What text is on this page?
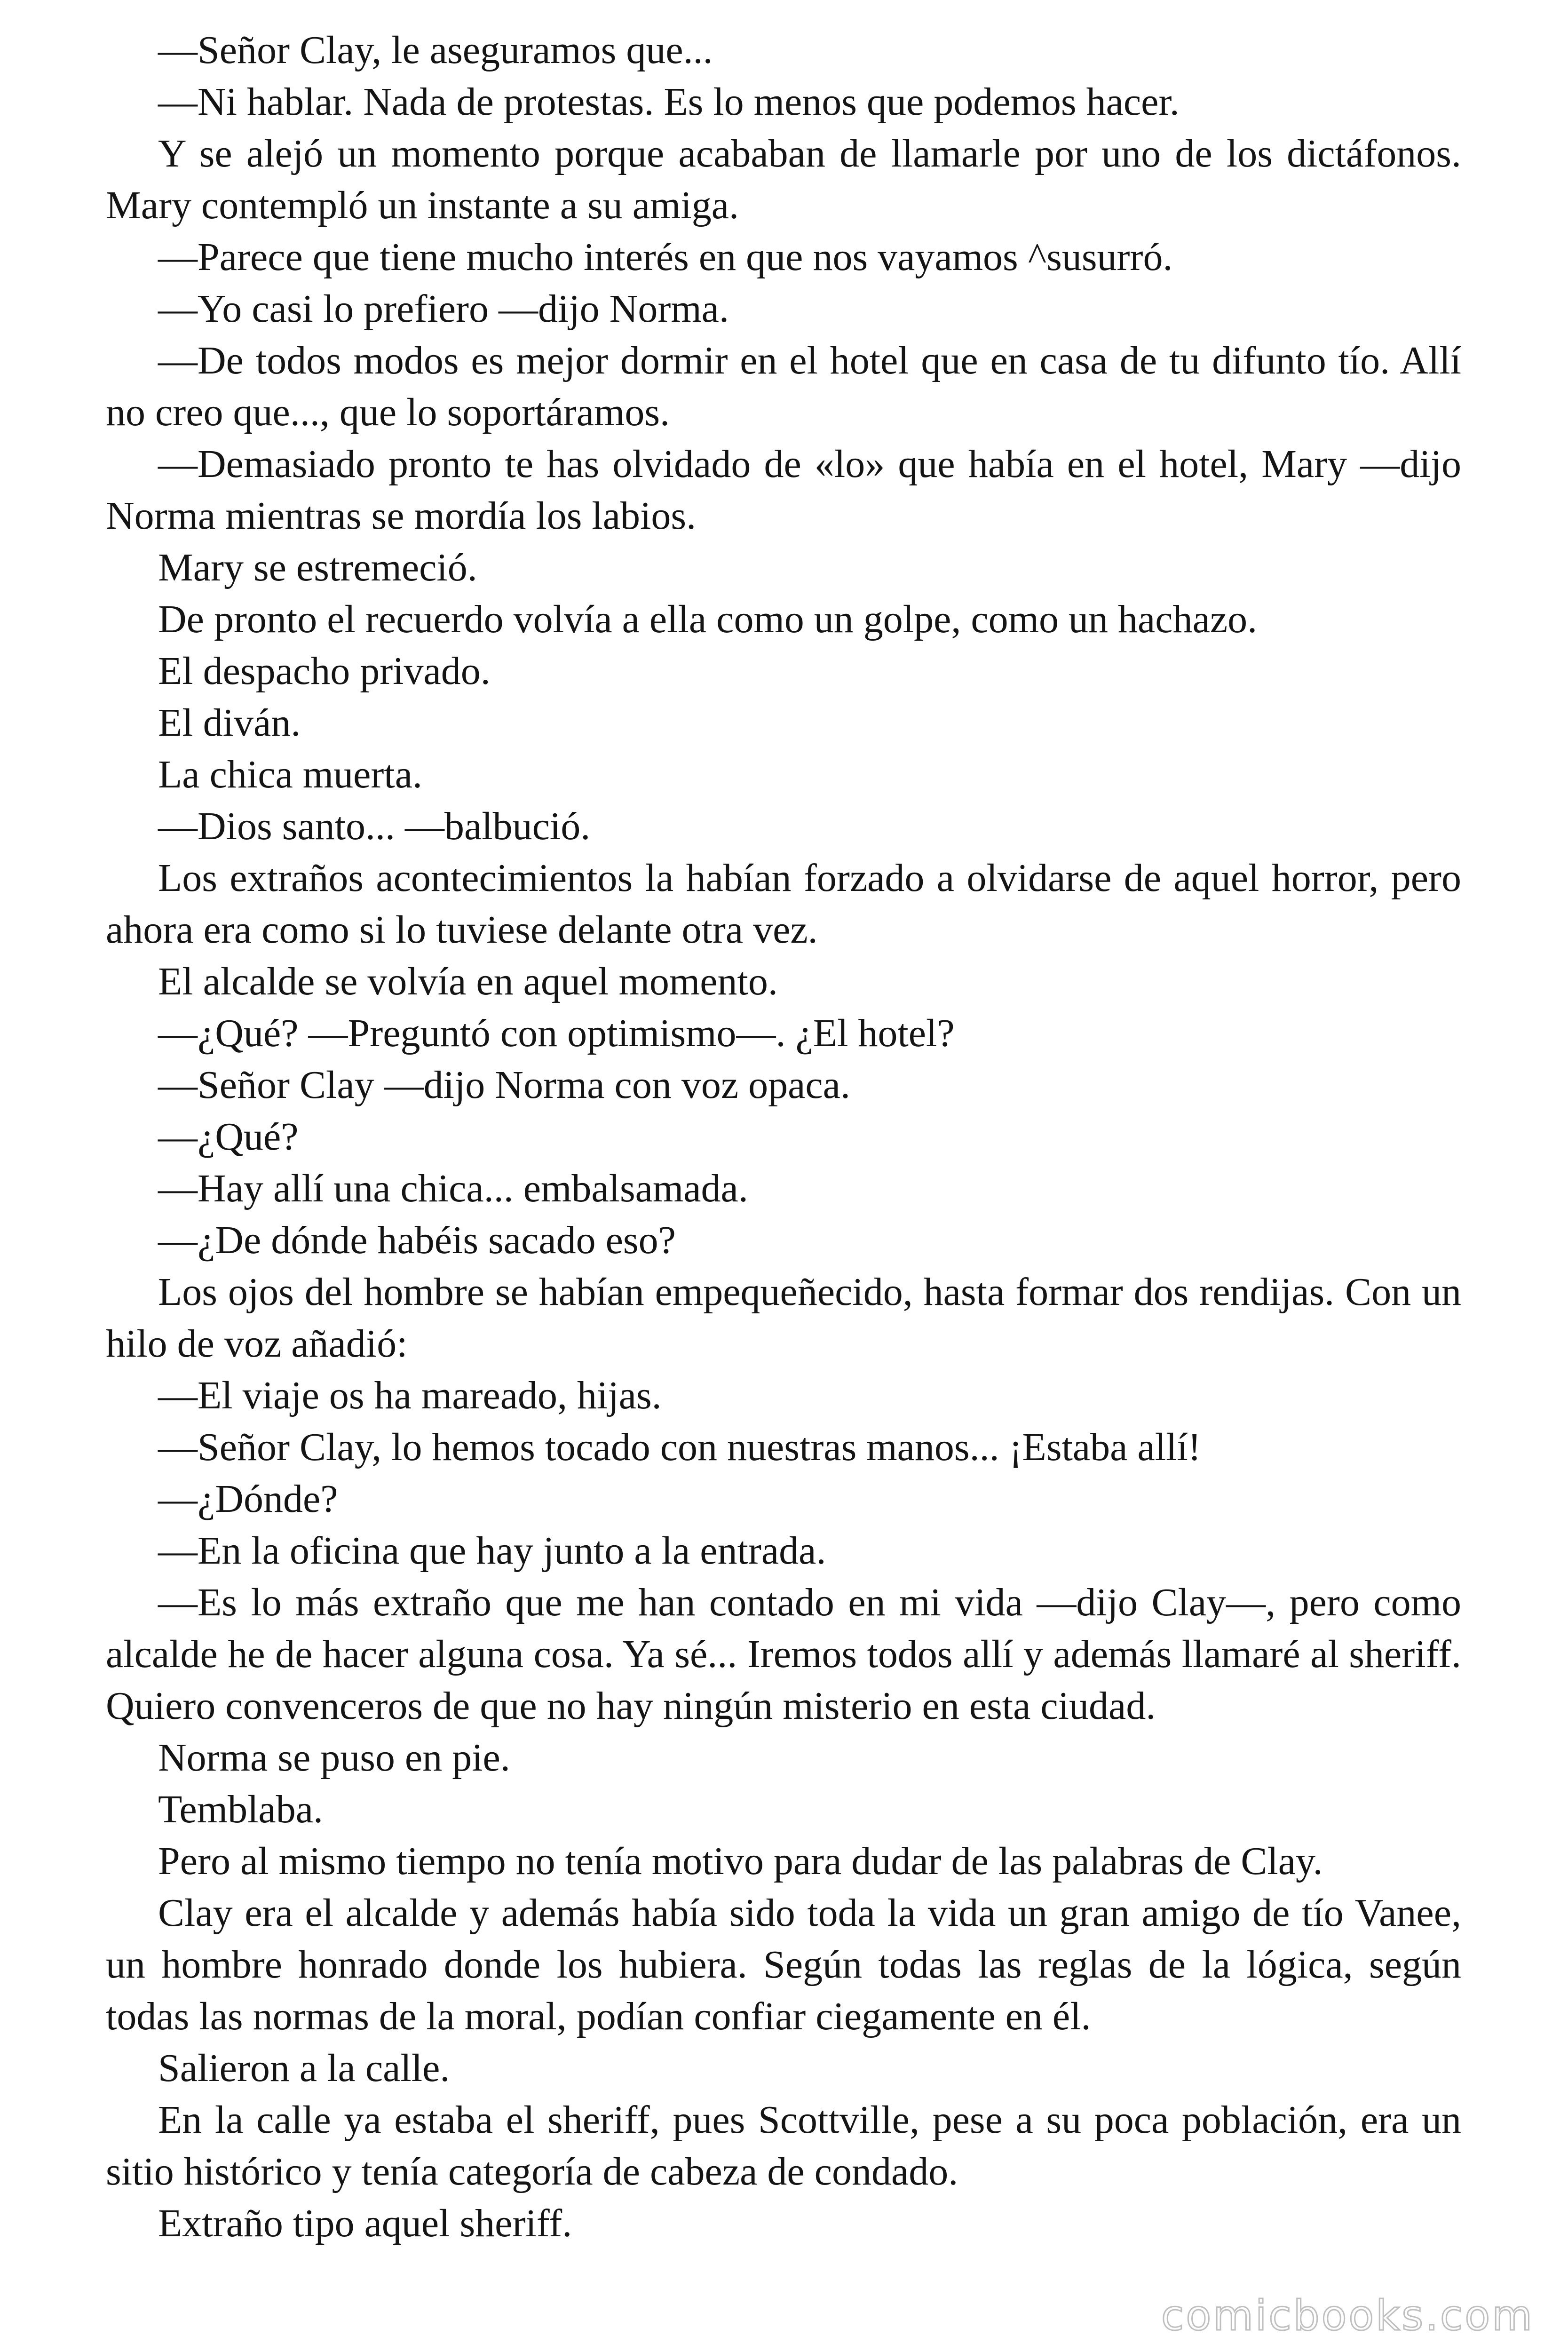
—Señor Clay, le aseguramos que...

—Ni hablar. Nada de protestas. Es lo menos que podemos hacer.

Y se alejó un momento porque acababan de llamarle por uno de los dictáfonos. Mary contempló un instante a su amiga.

—Parece que tiene mucho interés en que nos vayamos ^susurró.

—Yo casi lo prefiero —dijo Norma.

—De todos modos es mejor dormir en el hotel que en casa de tu difunto tío. Allí no creo que..., que lo soportáramos.

—Demasiado pronto te has olvidado de «lo» que había en el hotel, Mary —dijo Norma mientras se mordía los labios.

Mary se estremeció.

De pronto el recuerdo volvía a ella como un golpe, como un hachazo.

El despacho privado.

El diván.

La chica muerta.

—Dios santo... —balbució.

Los extraños acontecimientos la habían forzado a olvidarse de aquel horror, pero ahora era como si lo tuviese delante otra vez.

El alcalde se volvía en aquel momento.

—¿Qué? —Preguntó con optimismo—. ¿El hotel?

—Señor Clay —dijo Norma con voz opaca.

—¿Qué?

—Hay allí una chica... embalsamada.

—¿De dónde habéis sacado eso?

Los ojos del hombre se habían empequeñecido, hasta formar dos rendijas. Con un hilo de voz añadió:

—El viaje os ha mareado, hijas.

—Señor Clay, lo hemos tocado con nuestras manos... ¡Estaba allí!

—¿Dónde?

—En la oficina que hay junto a la entrada.

—Es lo más extraño que me han contado en mi vida —dijo Clay—, pero como alcalde he de hacer alguna cosa. Ya sé... Iremos todos allí y además llamaré al sheriff. Quiero convenceros de que no hay ningún misterio en esta ciudad.

Norma se puso en pie.

Temblaba.

Pero al mismo tiempo no tenía motivo para dudar de las palabras de Clay.

Clay era el alcalde y además había sido toda la vida un gran amigo de tío Vanee, un hombre honrado donde los hubiera. Según todas las reglas de la lógica, según todas las normas de la moral, podían confiar ciegamente en él.

Salieron a la calle.

En la calle ya estaba el sheriff, pues Scottville, pese a su poca población, era un sitio histórico y tenía categoría de cabeza de condado.

Extraño tipo aquel sheriff.

comicbooks.com
